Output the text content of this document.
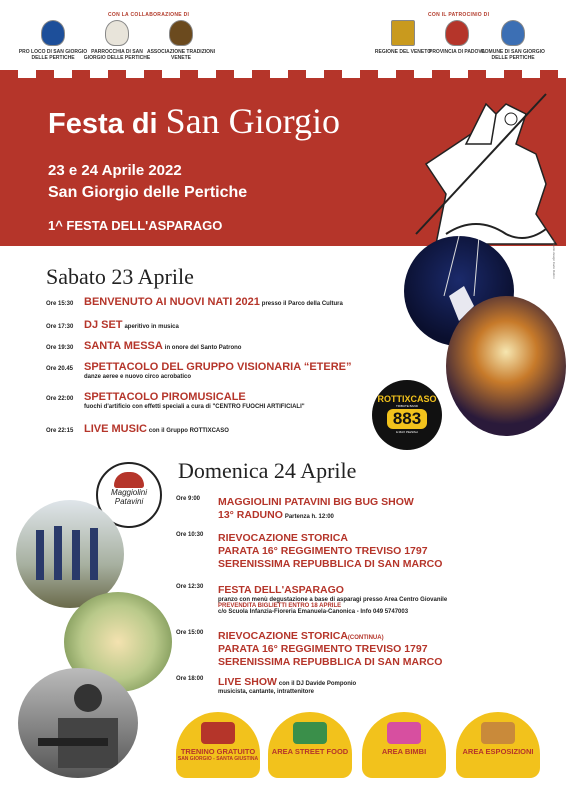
CON LA COLLABORAZIONE DI	CON IL PATROCINIO DI
PRO LOCO DI SAN GIORGIO DELLE PERTICHE
PARROCCHIA DI SAN GIORGIO DELLE PERTICHE
ASSOCIAZIONE TRADIZIONI VENETE
REGIONE DEL VENETO
PROVINCIA DI PADOVA
COMUNE DI SAN GIORGIO DELLE PERTICHE
Festa di San Giorgio
23 e 24 Aprile 2022
San Giorgio delle Pertiche
1^ FESTA DELL'ASPARAGO
Progetto design Carlo Rubini
Sabato 23 Aprile
Ore 15:30 BENVENUTO AI NUOVI NATI 2021 presso il Parco della Cultura
Ore 17:30 DJ SET aperitivo in musica
Ore 19:30 SANTA MESSA in onore del Santo Patrono
Ore 20.45 SPETTACOLO DEL GRUPPO VISIONARIA “ETERE”
danze aeree e nuovo circo acrobatico
Ore 22:00 SPETTACOLO PIROMUSICALE
fuochi d'artificio con effetti speciali a cura di "CENTRO FUOCHI ARTIFICIALI"
Ore 22:15 LIVE MUSIC con il Gruppo ROTTIXCASO
ROTTIXCASO
TRIBUTE BAND
883
& MAX PEZZALI
Domenica 24 Aprile
Ore 9:00 MAGGIOLINI PATAVINI BIG BUG SHOW
13° RADUNO Partenza h. 12:00
Ore 10:30 RIEVOCAZIONE STORICA
PARATA 16° REGGIMENTO TREVISO 1797
SERENISSIMA REPUBBLICA DI SAN MARCO
Ore 12:30 FESTA DELL'ASPARAGO
pranzo con menù degustazione a base di asparagi presso Area Centro Giovanile
PREVENDITA BIGLIETTI ENTRO 18 APRILE
c/o Scuola Infanzia-Fioreria Emanuela-Canonica - Info 049 5747003
Ore 15:00 RIEVOCAZIONE STORICA(CONTINUA)
PARATA 16° REGGIMENTO TREVISO 1797
SERENISSIMA REPUBBLICA DI SAN MARCO
Ore 18:00 LIVE SHOW con il DJ Davide Pomponio
musicista, cantante, intrattenitore
Maggiolini
Patavini
TRENINO GRATUITO
SAN GIORGIO - SANTA GIUSTINA
AREA STREET FOOD	AREA BIMBI	AREA ESPOSIZIONI
